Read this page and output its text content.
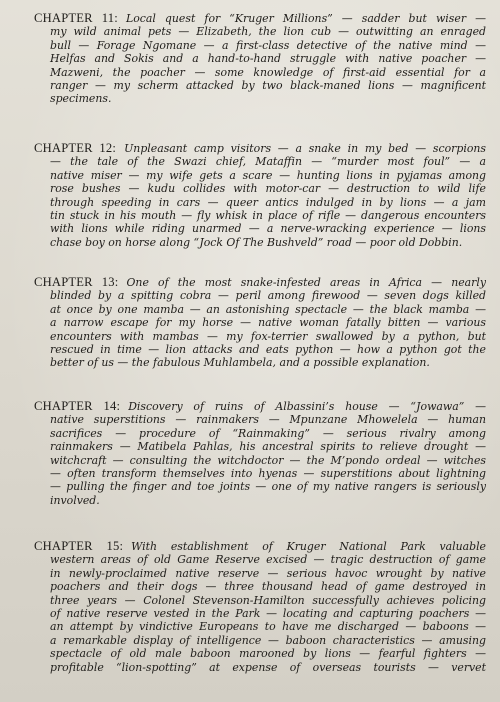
CHAPTER 11: Local quest for “Kruger Millions” — sadder but wiser —
my wild animal pets — Elizabeth, the lion cub — outwitting an enraged
bull — Forage Ngomane — a first-class detective of the native mind —
Helfas and Sokis and a hand-to-hand struggle with native poacher —
Mazweni, the poacher — some knowledge of first-aid essential for a
ranger — my scherm attacked by two black-maned lions — magnificent
specimens.
CHAPTER 12: Unpleasant camp visitors — a snake in my bed — scorpions
— the tale of the Swazi chief, Mataffin — “murder most foul” — a
native miser — my wife gets a scare — hunting lions in pyjamas among
rose bushes — kudu collides with motor-car — destruction to wild life
through speeding in cars — queer antics indulged in by lions — a jam
tin stuck in his mouth — fly whisk in place of rifle — dangerous encounters
with lions while riding unarmed — a nerve-wracking experience — lions
chase boy on horse along “Jock Of The Bushveld” road — poor old Dobbin.
CHAPTER 13: One of the most snake-infested areas in Africa — nearly
blinded by a spitting cobra — peril among firewood — seven dogs killed
at once by one mamba — an astonishing spectacle — the black mamba —
a narrow escape for my horse — native woman fatally bitten — various
encounters with mambas — my fox-terrier swallowed by a python, but
rescued in time — lion attacks and eats python — how a python got the
better of us — the fabulous Muhlambela, and a possible explanation.
CHAPTER 14: Discovery of ruins of Albassini’s house — “Jowawa” —
native superstitions — rainmakers — Mpunzane Mhowelela — human
sacrifices — procedure of “Rainmaking” — serious rivalry among
rainmakers — Matibela Pahlas, his ancestral spirits to relieve drought —
witchcraft — consulting the witchdoctor — the M’pondo ordeal — witches
— often transform themselves into hyenas — superstitions about lightning
— pulling the finger and toe joints — one of my native rangers is seriously
involved.
CHAPTER 15: With establishment of Kruger National Park valuable
western areas of old Game Reserve excised — tragic destruction of game
in newly-proclaimed native reserve — serious havoc wrought by native
poachers and their dogs — three thousand head of game destroyed in
three years — Colonel Stevenson-Hamilton successfully achieves policing
of native reserve vested in the Park — locating and capturing poachers —
an attempt by vindictive Europeans to have me discharged — baboons —
a remarkable display of intelligence — baboon characteristics — amusing
spectacle of old male baboon marooned by lions — fearful fighters —
profitable “lion-spotting” at expense of overseas tourists — vervet
